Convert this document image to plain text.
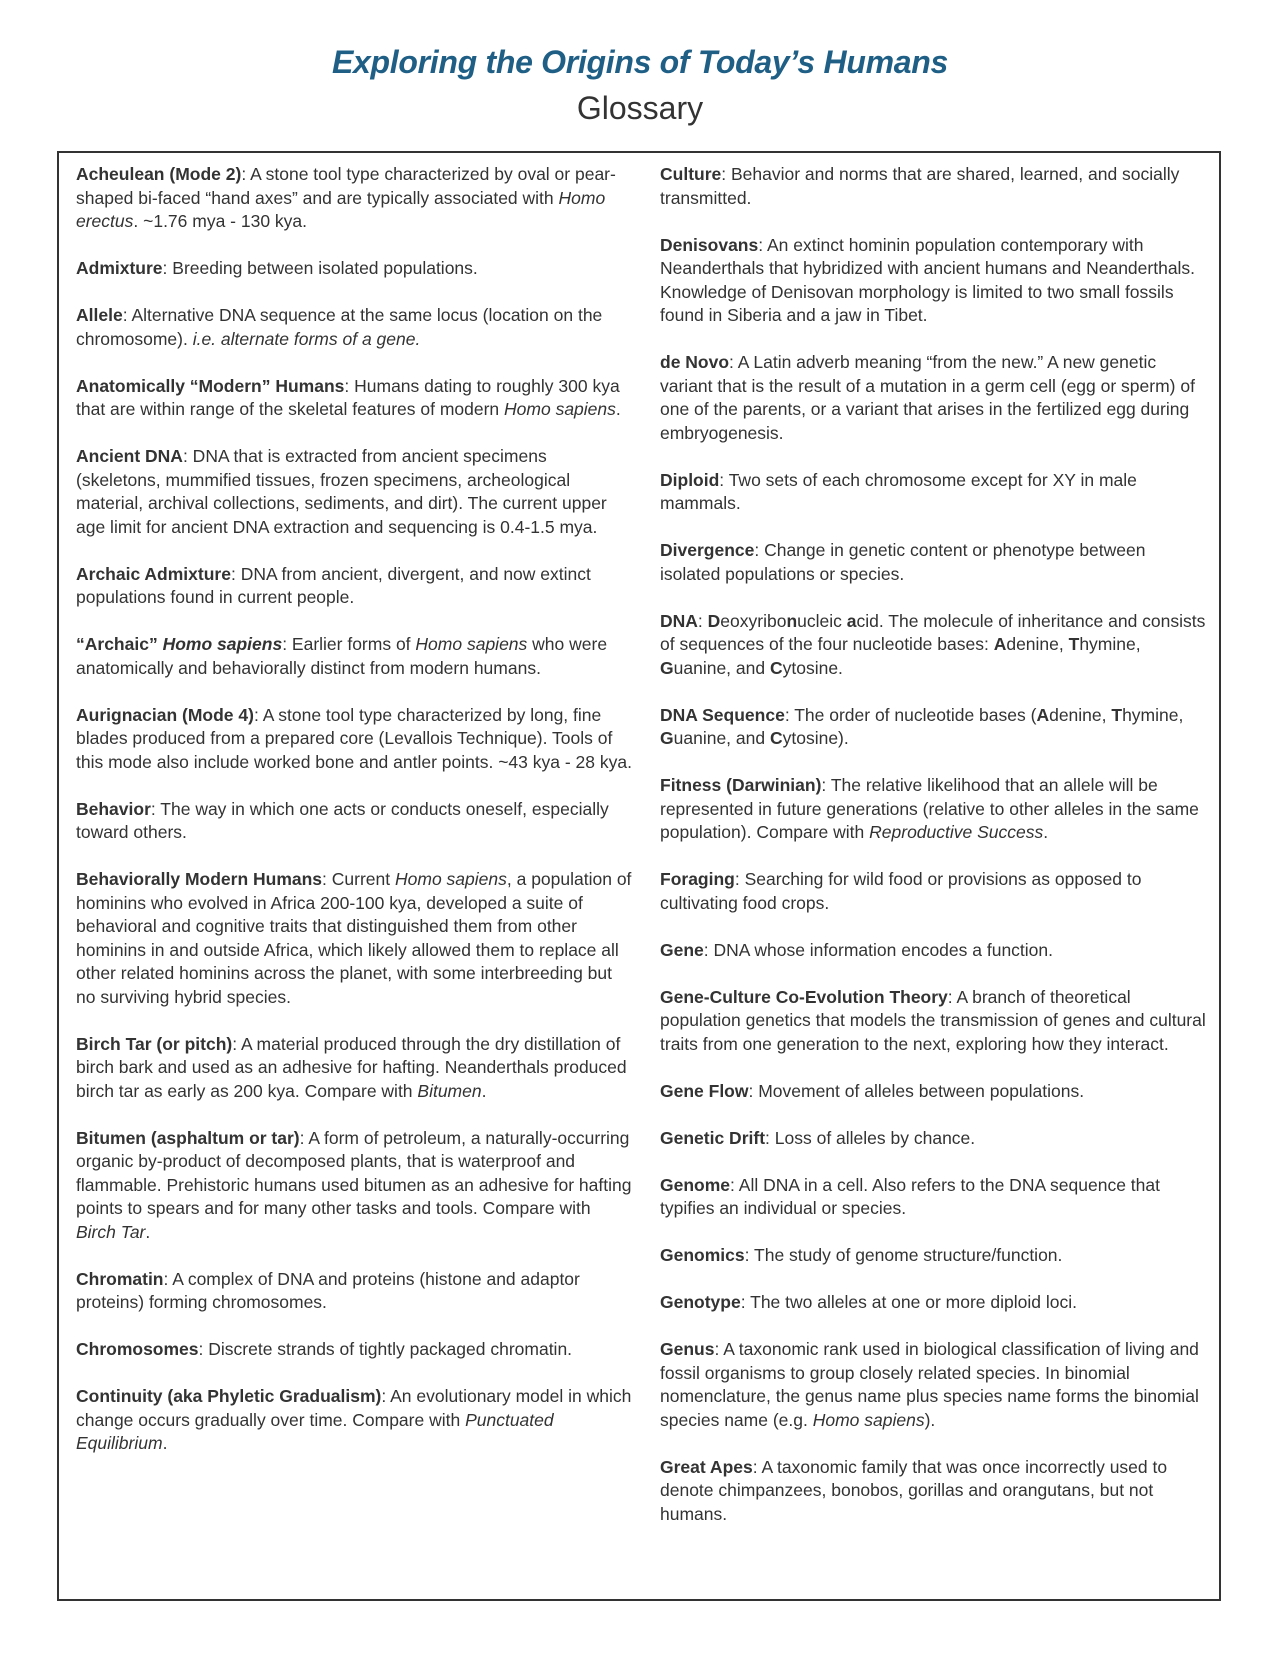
Exploring the Origins of Today’s Humans
Glossary

Acheulean (Mode 2): A stone tool type characterized by oval or pear-shaped bi-faced “hand axes” and are typically associated with Homo erectus. ~1.76 mya - 130 kya.

Admixture: Breeding between isolated populations.

Allele: Alternative DNA sequence at the same locus (location on the chromosome). i.e. alternate forms of a gene.

Anatomically “Modern” Humans: Humans dating to roughly 300 kya that are within range of the skeletal features of modern Homo sapiens.

Ancient DNA: DNA that is extracted from ancient specimens (skeletons, mummified tissues, frozen specimens, archeological material, archival collections, sediments, and dirt). The current upper age limit for ancient DNA extraction and sequencing is 0.4-1.5 mya.

Archaic Admixture: DNA from ancient, divergent, and now extinct populations found in current people.

“Archaic” Homo sapiens: Earlier forms of Homo sapiens who were anatomically and behaviorally distinct from modern humans.

Aurignacian (Mode 4): A stone tool type characterized by long, fine blades produced from a prepared core (Levallois Technique). Tools of this mode also include worked bone and antler points. ~43 kya - 28 kya.

Behavior: The way in which one acts or conducts oneself, especially toward others.

Behaviorally Modern Humans: Current Homo sapiens, a population of hominins who evolved in Africa 200-100 kya, developed a suite of behavioral and cognitive traits that distinguished them from other hominins in and outside Africa, which likely allowed them to replace all other related hominins across the planet, with some interbreeding but no surviving hybrid species.

Birch Tar (or pitch): A material produced through the dry distillation of birch bark and used as an adhesive for hafting. Neanderthals produced birch tar as early as 200 kya. Compare with Bitumen.

Bitumen (asphaltum or tar): A form of petroleum, a naturally-occurring organic by-product of decomposed plants, that is waterproof and flammable. Prehistoric humans used bitumen as an adhesive for hafting points to spears and for many other tasks and tools. Compare with Birch Tar.

Chromatin: A complex of DNA and proteins (histone and adaptor proteins) forming chromosomes.

Chromosomes: Discrete strands of tightly packaged chromatin.

Continuity (aka Phyletic Gradualism): An evolutionary model in which change occurs gradually over time. Compare with Punctuated Equilibrium.

Culture: Behavior and norms that are shared, learned, and socially transmitted.

Denisovans: An extinct hominin population contemporary with Neanderthals that hybridized with ancient humans and Neanderthals. Knowledge of Denisovan morphology is limited to two small fossils found in Siberia and a jaw in Tibet.

de Novo: A Latin adverb meaning “from the new.” A new genetic variant that is the result of a mutation in a germ cell (egg or sperm) of one of the parents, or a variant that arises in the fertilized egg during embryogenesis.

Diploid: Two sets of each chromosome except for XY in male mammals.

Divergence: Change in genetic content or phenotype between isolated populations or species.

DNA: Deoxyribonucleic acid. The molecule of inheritance and consists of sequences of the four nucleotide bases: Adenine, Thymine, Guanine, and Cytosine.

DNA Sequence: The order of nucleotide bases (Adenine, Thymine, Guanine, and Cytosine).

Fitness (Darwinian): The relative likelihood that an allele will be represented in future generations (relative to other alleles in the same population). Compare with Reproductive Success.

Foraging: Searching for wild food or provisions as opposed to cultivating food crops.

Gene: DNA whose information encodes a function.

Gene-Culture Co-Evolution Theory: A branch of theoretical population genetics that models the transmission of genes and cultural traits from one generation to the next, exploring how they interact.

Gene Flow: Movement of alleles between populations.

Genetic Drift: Loss of alleles by chance.

Genome: All DNA in a cell. Also refers to the DNA sequence that typifies an individual or species.

Genomics: The study of genome structure/function.

Genotype: The two alleles at one or more diploid loci.

Genus: A taxonomic rank used in biological classification of living and fossil organisms to group closely related species. In binomial nomenclature, the genus name plus species name forms the binomial species name (e.g. Homo sapiens).

Great Apes: A taxonomic family that was once incorrectly used to denote chimpanzees, bonobos, gorillas and orangutans, but not humans.
